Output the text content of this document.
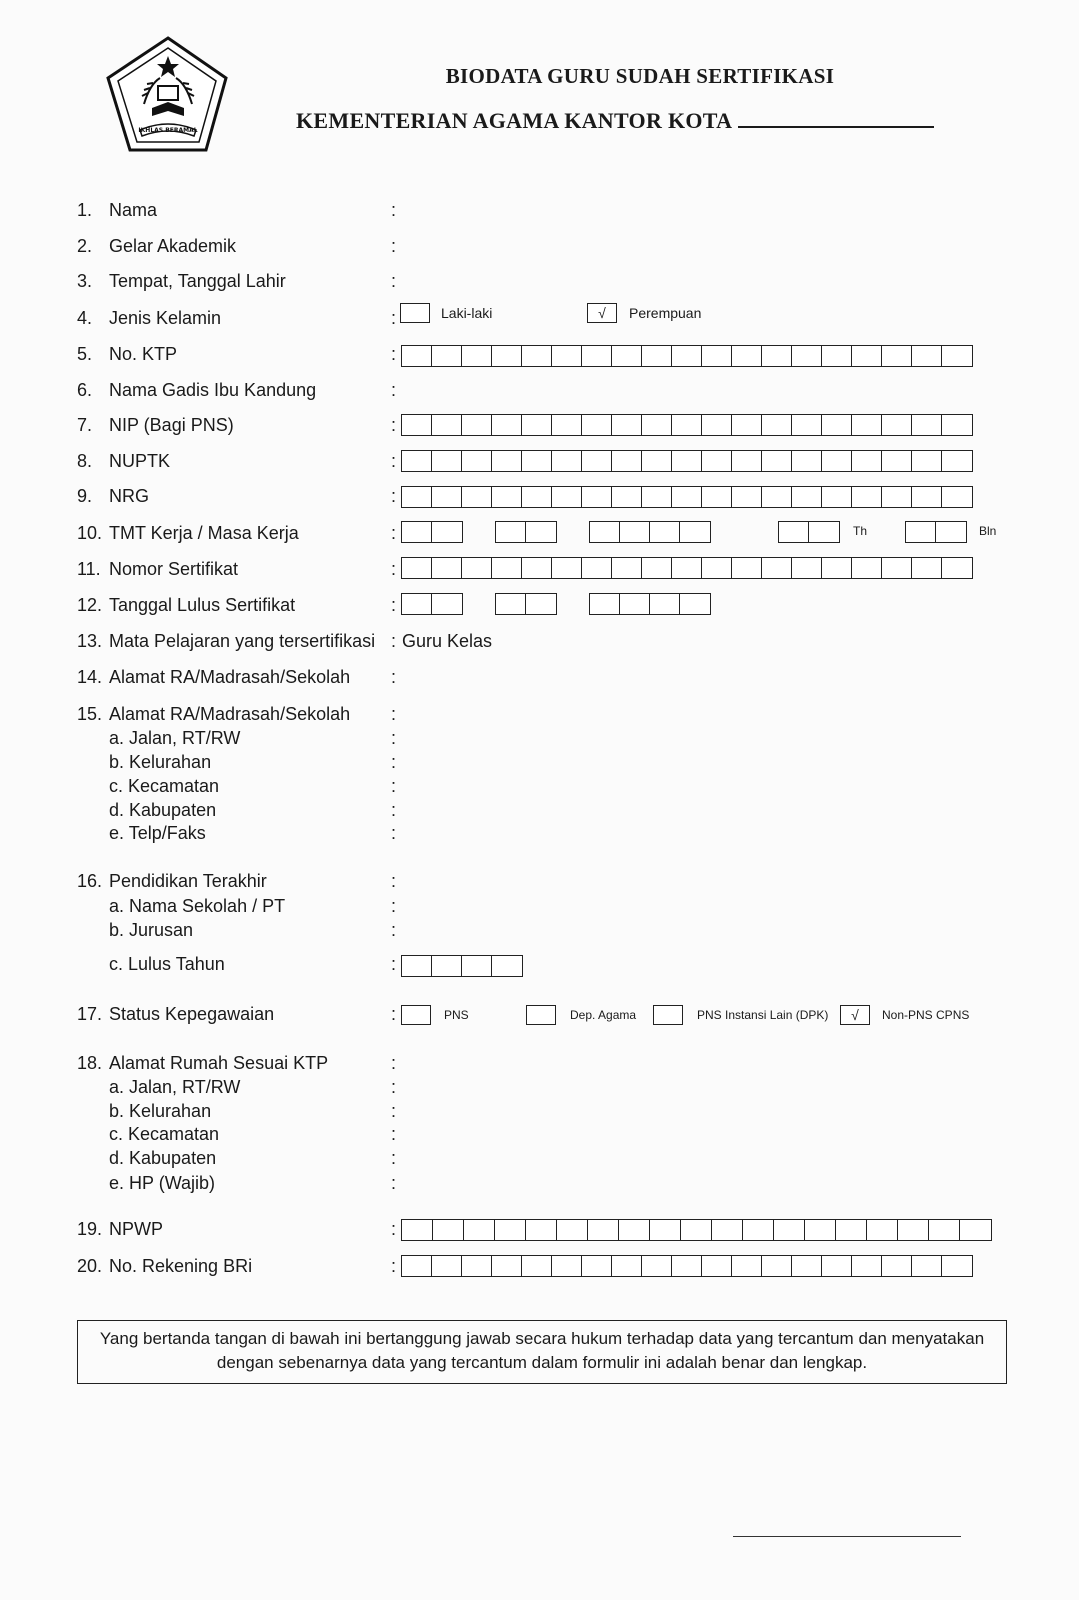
IKHLAS BERAMAL
BIODATA GURU SUDAH SERTIFIKASI
KEMENTERIAN AGAMA KANTOR KOTA
1. Nama	:
2. Gelar Akademik	:
3. Tempat, Tanggal Lahir	:
4. Jenis Kelamin	:	Laki-laki	√	Perempuan
5. No. KTP	:
6. Nama Gadis Ibu Kandung	:
7. NIP (Bagi PNS)	:
8. NUPTK	:
9. NRG	:
10. TMT Kerja / Masa Kerja	:	Th	Bln
11. Nomor Sertifikat	:
12. Tanggal Lulus Sertifikat	:
13. Mata Pelajaran yang tersertifikasi : Guru Kelas
14. Alamat RA/Madrasah/Sekolah :
15. Alamat RA/Madrasah/Sekolah :
a. Jalan, RT/RW	:
b. Kelurahan	:
c. Kecamatan	:
d. Kabupaten	:
e. Telp/Faks	:
16. Pendidikan Terakhir	:
a. Nama Sekolah / PT	:
b. Jurusan	:
c. Lulus Tahun	:
17. Status Kepegawaian	:	PNS	Dep. Agama	PNS Instansi Lain (DPK)	√	Non-PNS CPNS
18. Alamat Rumah Sesuai KTP	:
a. Jalan, RT/RW	:
b. Kelurahan	:
c. Kecamatan	:
d. Kabupaten	:
e. HP (Wajib)	:
19. NPWP	:
20. No. Rekening BRi	:
Yang bertanda tangan di bawah ini bertanggung jawab secara hukum terhadap data yang tercantum dan menyatakan
dengan sebenarnya data yang tercantum dalam formulir ini adalah benar dan lengkap.
